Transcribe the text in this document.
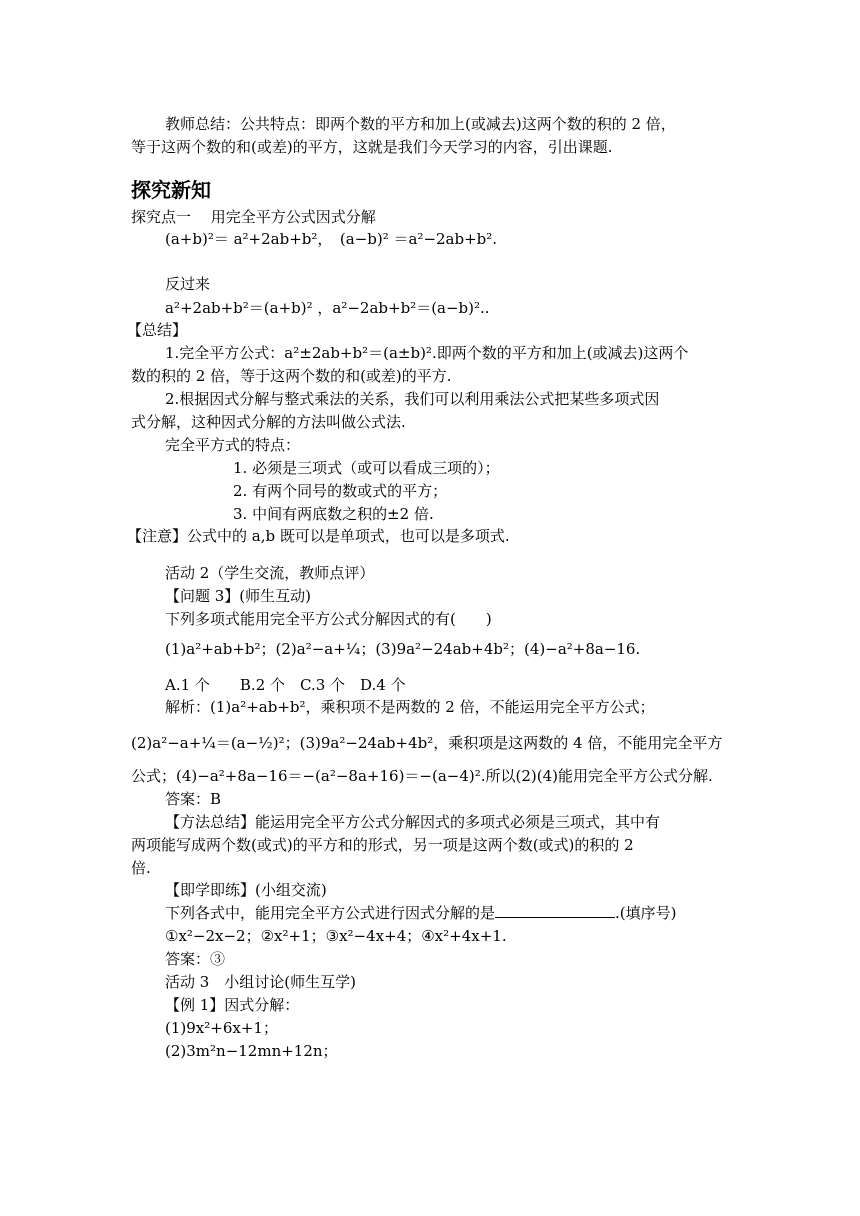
教师总结：公共特点：即两个数的平方和加上(或减去)这两个数的积的 2 倍，
等于这两个数的和(或差)的平方，这就是我们今天学习的内容，引出课题.
探究新知
探究点一　 用完全平方公式因式分解
(a+b)²＝ a²+2ab+b²，　(a−b)² ＝a²−2ab+b².
反过来
a²+2ab+b²＝(a+b)² ，a²−2ab+b²＝(a−b)²..
【总结】
1.完全平方公式：a²±2ab+b²＝(a±b)².即两个数的平方和加上(或减去)这两个
数的积的 2 倍，等于这两个数的和(或差)的平方.
2.根据因式分解与整式乘法的关系，我们可以利用乘法公式把某些多项式因
式分解，这种因式分解的方法叫做公式法.
完全平方式的特点：
1. 必须是三项式（或可以看成三项的）；
2. 有两个同号的数或式的平方；
3. 中间有两底数之积的±2 倍.
【注意】公式中的 a,b 既可以是单项式，也可以是多项式.
活动 2（学生交流，教师点评）
【问题 3】(师生互动)
下列多项式能用完全平方公式分解因式的有(　　)
(1)a²+ab+b²；(2)a²−a+¼；(3)9a²−24ab+4b²；(4)−a²+8a−16.
A.1 个　　B.2 个　C.3 个　D.4 个
解析：(1)a²+ab+b²，乘积项不是两数的 2 倍，不能运用完全平方公式；
(2)a²−a+¼＝(a−½)²；(3)9a²−24ab+4b²，乘积项是这两数的 4 倍，不能用完全平方
公式；(4)−a²+8a−16＝−(a²−8a+16)＝−(a−4)².所以(2)(4)能用完全平方公式分解.
答案：B
【方法总结】能运用完全平方公式分解因式的多项式必须是三项式，其中有
两项能写成两个数(或式)的平方和的形式，另一项是这两个数(或式)的积的 2
倍.
【即学即练】(小组交流)
下列各式中，能用完全平方公式进行因式分解的是	.(填序号)
①x²−2x−2；②x²+1；③x²−4x+4；④x²+4x+1.
答案：③
活动 3　小组讨论(师生互学)
【例 1】因式分解：
(1)9x²+6x+1；
(2)3m²n−12mn+12n；
